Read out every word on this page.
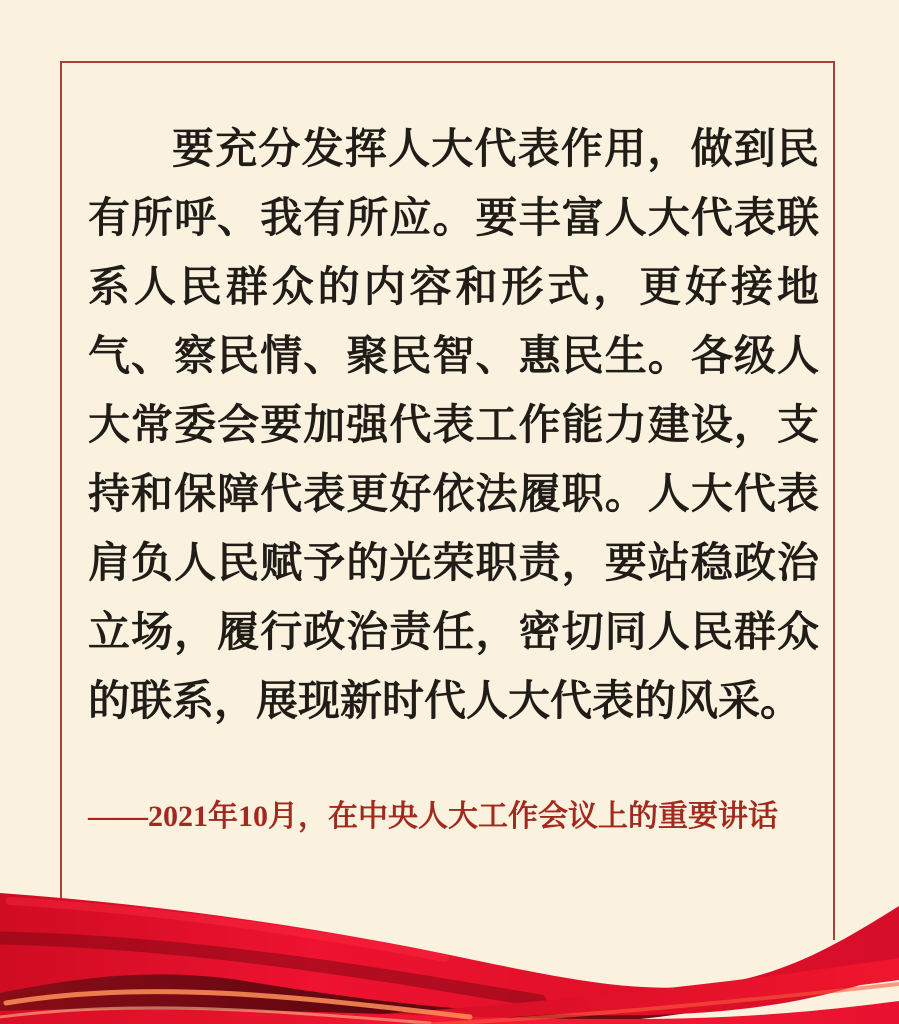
要充分发挥人大代表作用，做到民
有所呼、我有所应。要丰富人大代表联
系人民群众的内容和形式，更好接地
气、察民情、聚民智、惠民生。各级人
大常委会要加强代表工作能力建设，支
持和保障代表更好依法履职。人大代表
肩负人民赋予的光荣职责，要站稳政治
立场，履行政治责任，密切同人民群众
的联系，展现新时代人大代表的风采。
——2021年10月，在中央人大工作会议上的重要讲话
